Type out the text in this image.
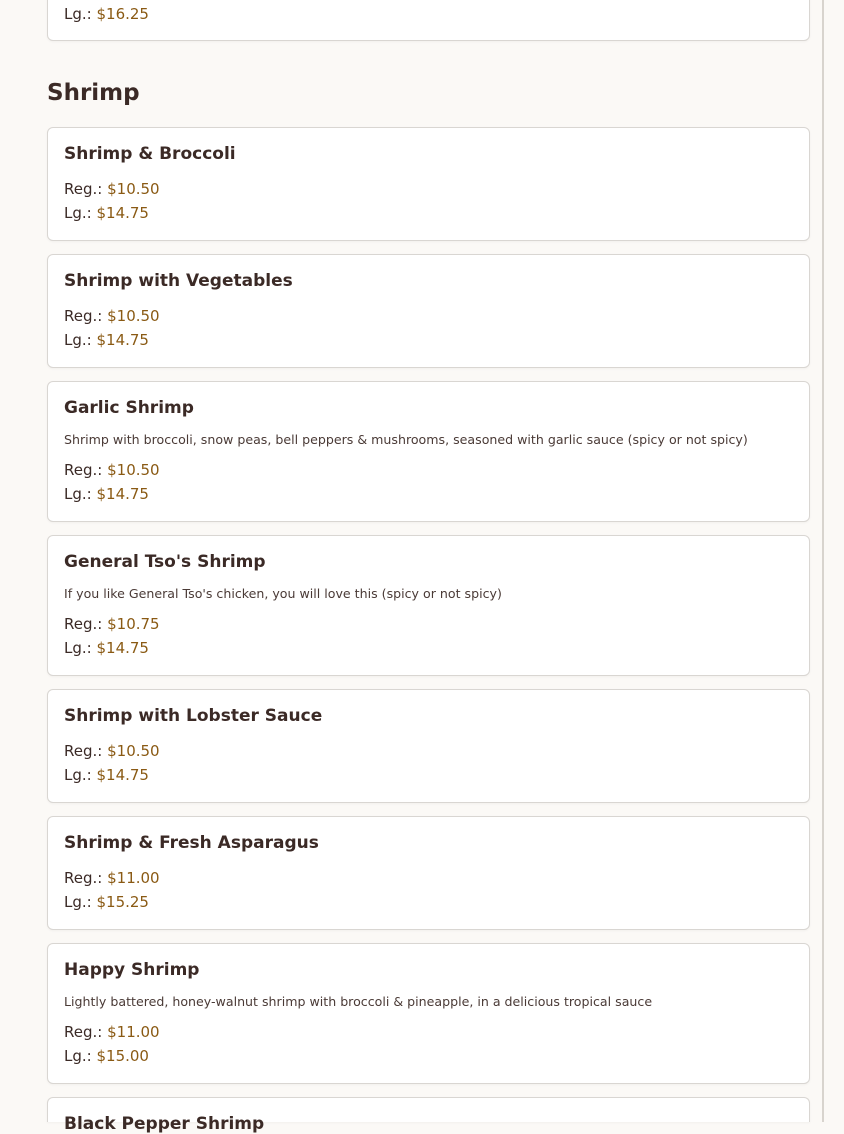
Lg.: $16.25

Shrimp
Shrimp & Broccoli

Reg.: $10.50

Lg.: $14.75

Shrimp with Vegetables

Reg.: $10.50

Lg.: $14.75

Garlic Shrimp

Shrimp with broccoli, snow peas, bell peppers & mushrooms, seasoned with garlic sauce (spicy or not spicy)

Reg.: $10.50

Lg.: $14.75

General Tso's Shrimp

If you like General Tso's chicken, you will love this (spicy or not spicy)

Reg.: $10.75

Lg.: $14.75

Shrimp with Lobster Sauce

Reg.: $10.50

Lg.: $14.75

Shrimp & Fresh Asparagus

Reg.: $11.00

Lg.: $15.25

Happy Shrimp

Lightly battered, honey-walnut shrimp with broccoli & pineapple, in a delicious tropical sauce

Reg.: $11.00

Lg.: $15.00

Black Pepper Shrimp
